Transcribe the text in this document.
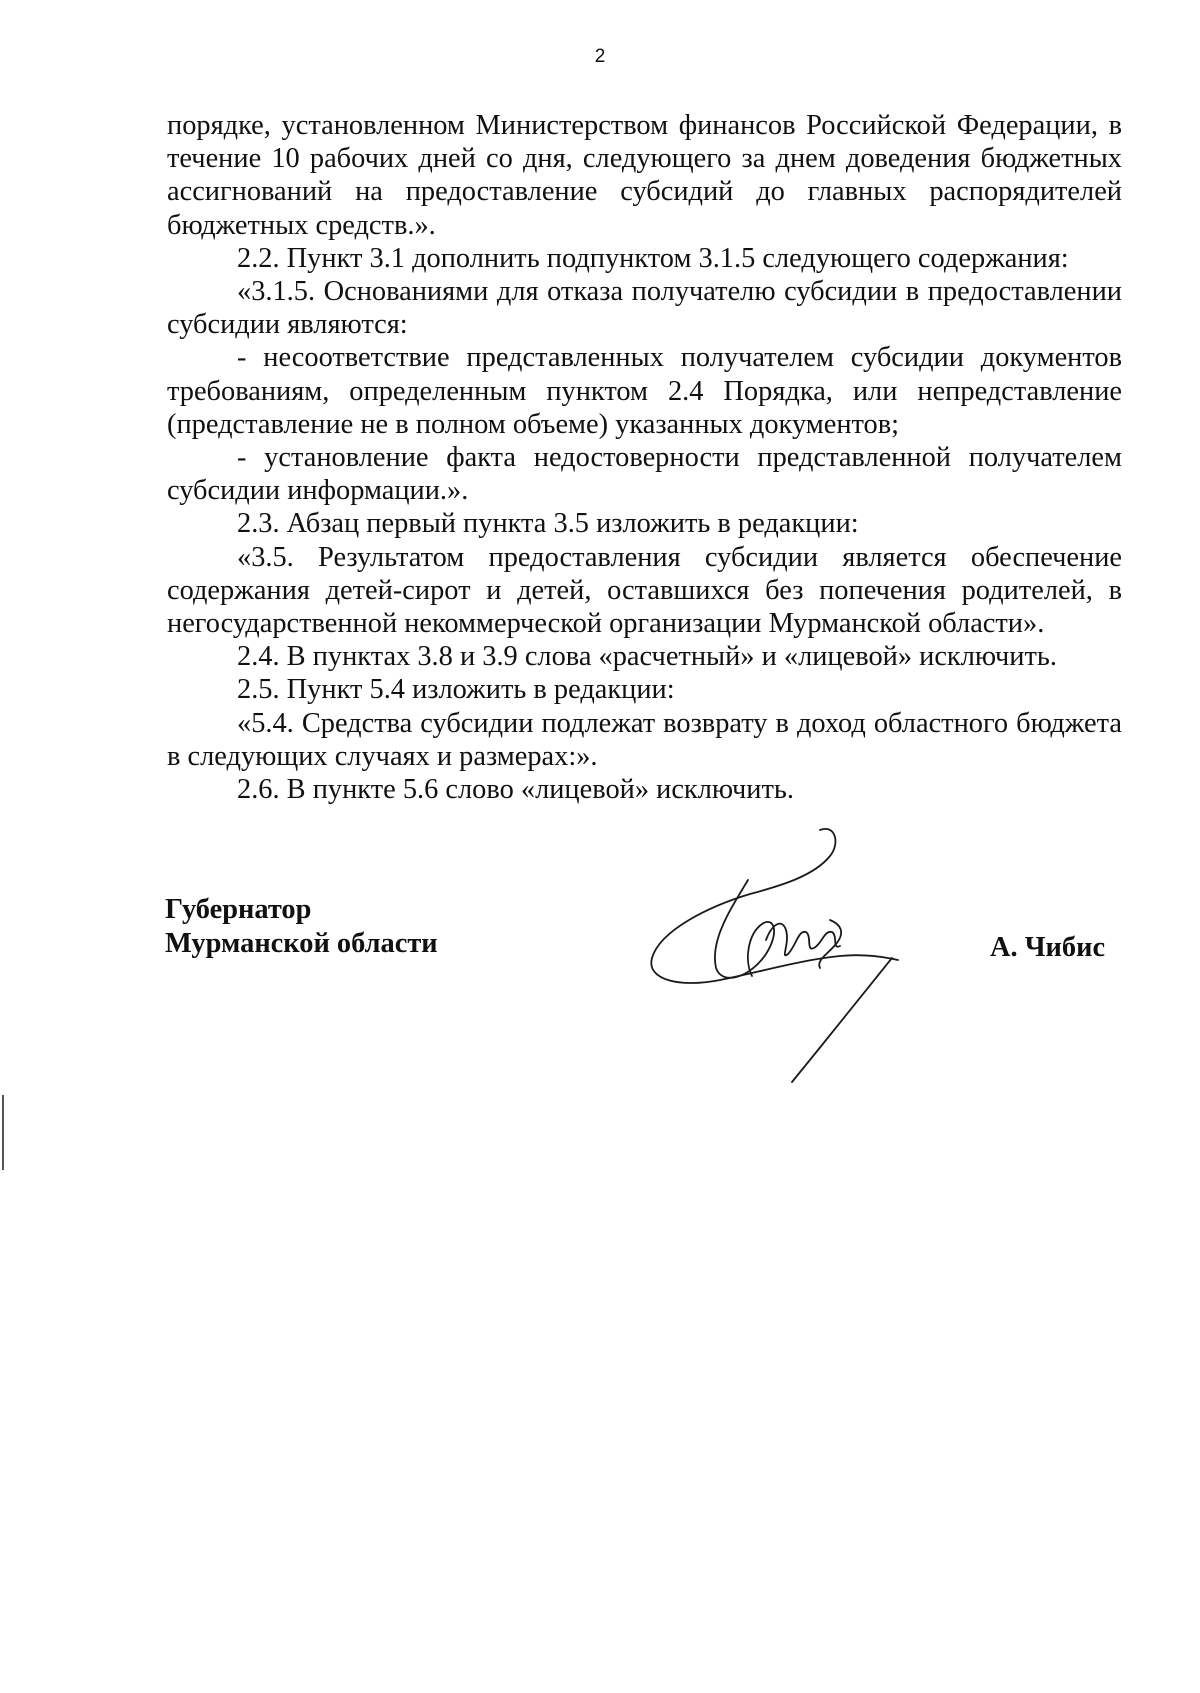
2

порядке, установленном Министерством финансов Российской Федерации, в течение 10 рабочих дней со дня, следующего за днем доведения бюджетных ассигнований на предоставление субсидий до главных распорядителей бюджетных средств.».

2.2. Пункт 3.1 дополнить подпунктом 3.1.5 следующего содержания:

«3.1.5. Основаниями для отказа получателю субсидии в предоставлении субсидии являются:

- несоответствие представленных получателем субсидии документов требованиям, определенным пунктом 2.4 Порядка, или непредставление (представление не в полном объеме) указанных документов;

- установление факта недостоверности представленной получателем субсидии информации.».

2.3. Абзац первый пункта 3.5 изложить в редакции:

«3.5. Результатом предоставления субсидии является обеспечение содержания детей-сирот и детей, оставшихся без попечения родителей, в негосударственной некоммерческой организации Мурманской области».

2.4. В пунктах 3.8 и 3.9 слова «расчетный» и «лицевой» исключить.

2.5. Пункт 5.4 изложить в редакции:

«5.4. Средства субсидии подлежат возврату в доход областного бюджета в следующих случаях и размерах:».

2.6. В пункте 5.6 слово «лицевой» исключить.

Губернатор
Мурманской области	А. Чибис
